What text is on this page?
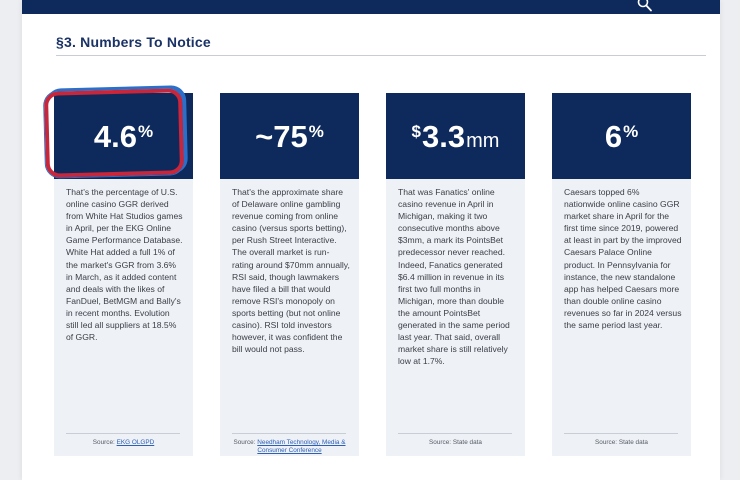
§3. Numbers To Notice
4.6 %
That's the percentage of U.S. online casino GGR derived from White Hat Studios games in April, per the EKG Online Game Performance Database. White Hat added a full 1% of the market's GGR from 3.6% in March, as it added content and deals with the likes of FanDuel, BetMGM and Bally's in recent months. Evolution still led all suppliers at 18.5% of GGR.
Source: EKG OLGPD
~75 %
That's the approximate share of Delaware online gambling revenue coming from online casino (versus sports betting), per Rush Street Interactive. The overall market is run-rating around $70mm annually, RSI said, though lawmakers have filed a bill that would remove RSI's monopoly on sports betting (but not online casino). RSI told investors however, it was confident the bill would not pass.
Source: Needham Technology, Media & Consumer Conference
$ 3.3 mm
That was Fanatics' online casino revenue in April in Michigan, making it two consecutive months above $3mm, a mark its PointsBet predecessor never reached. Indeed, Fanatics generated $6.4 million in revenue in its first two full months in Michigan, more than double the amount PointsBet generated in the same period last year. That said, overall market share is still relatively low at 1.7%.
Source: State data
6 %
Caesars topped 6% nationwide online casino GGR market share in April for the first time since 2019, powered at least in part by the improved Caesars Palace Online product. In Pennsylvania for instance, the new standalone app has helped Caesars more than double online casino revenues so far in 2024 versus the same period last year.
Source: State data
